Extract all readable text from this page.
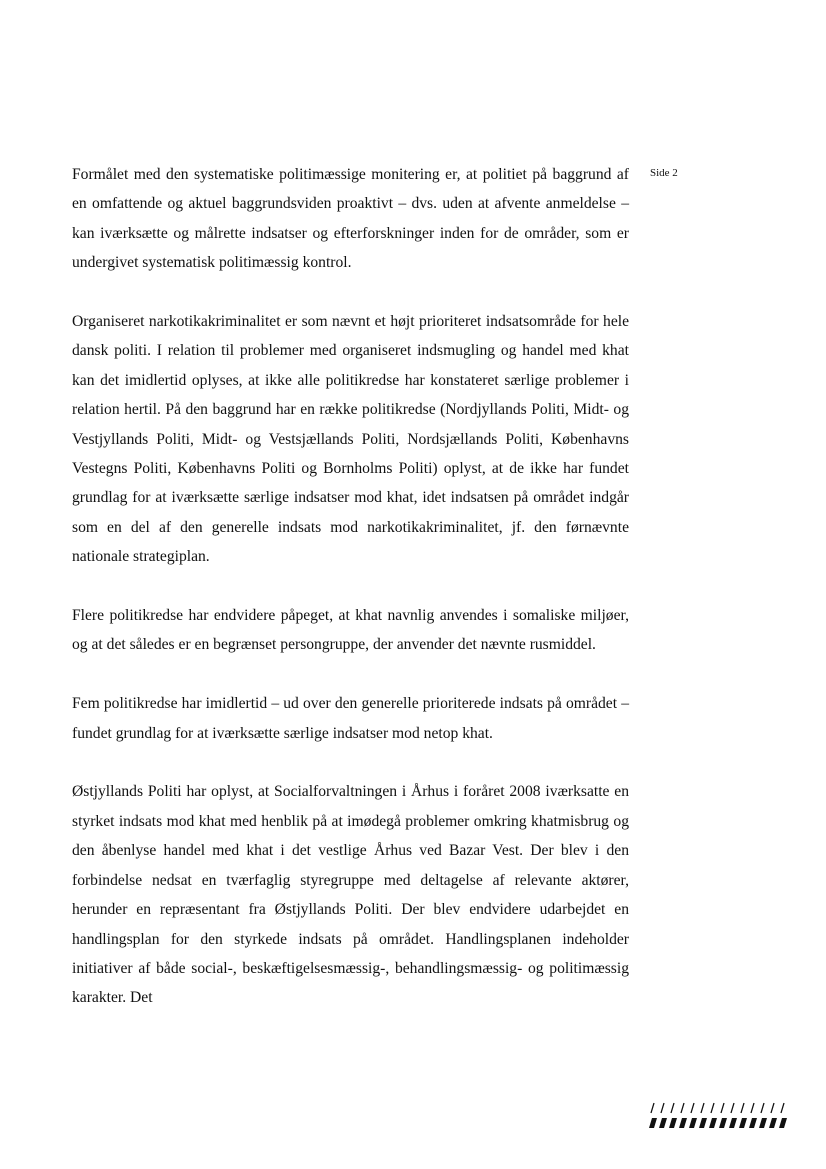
Side 2

Formålet med den systematiske politimæssige monitering er, at politiet på baggrund af en omfattende og aktuel baggrundsviden proaktivt – dvs. uden at afvente anmeldelse – kan iværksætte og målrette indsatser og efterforskninger inden for de områder, som er undergivet systematisk politimæssig kontrol.

Organiseret narkotikakriminalitet er som nævnt et højt prioriteret indsatsområde for hele dansk politi. I relation til problemer med organiseret indsmugling og handel med khat kan det imidlertid oplyses, at ikke alle politikredse har konstateret særlige problemer i relation hertil. På den baggrund har en række politikredse (Nordjyllands Politi, Midt- og Vestjyllands Politi, Midt- og Vestsjællands Politi, Nordsjællands Politi, Københavns Vestegns Politi, Københavns Politi og Bornholms Politi) oplyst, at de ikke har fundet grundlag for at iværksætte særlige indsatser mod khat, idet indsatsen på området indgår som en del af den generelle indsats mod narkotikakriminalitet, jf. den førnævnte nationale strategiplan.

Flere politikredse har endvidere påpeget, at khat navnlig anvendes i somaliske miljøer, og at det således er en begrænset persongruppe, der anvender det nævnte rusmiddel.

Fem politikredse har imidlertid – ud over den generelle prioriterede indsats på området – fundet grundlag for at iværksætte særlige indsatser mod netop khat.

Østjyllands Politi har oplyst, at Socialforvaltningen i Århus i foråret 2008 iværksatte en styrket indsats mod khat med henblik på at imødegå problemer omkring khatmisbrug og den åbenlyse handel med khat i det vestlige Århus ved Bazar Vest. Der blev i den forbindelse nedsat en tværfaglig styregruppe med deltagelse af relevante aktører, herunder en repræsentant fra Østjyllands Politi. Der blev endvidere udarbejdet en handlingsplan for den styrkede indsats på området. Handlingsplanen indeholder initiativer af både social-, beskæftigelsesmæssig-, behandlingsmæssig- og politimæssig karakter. Det
